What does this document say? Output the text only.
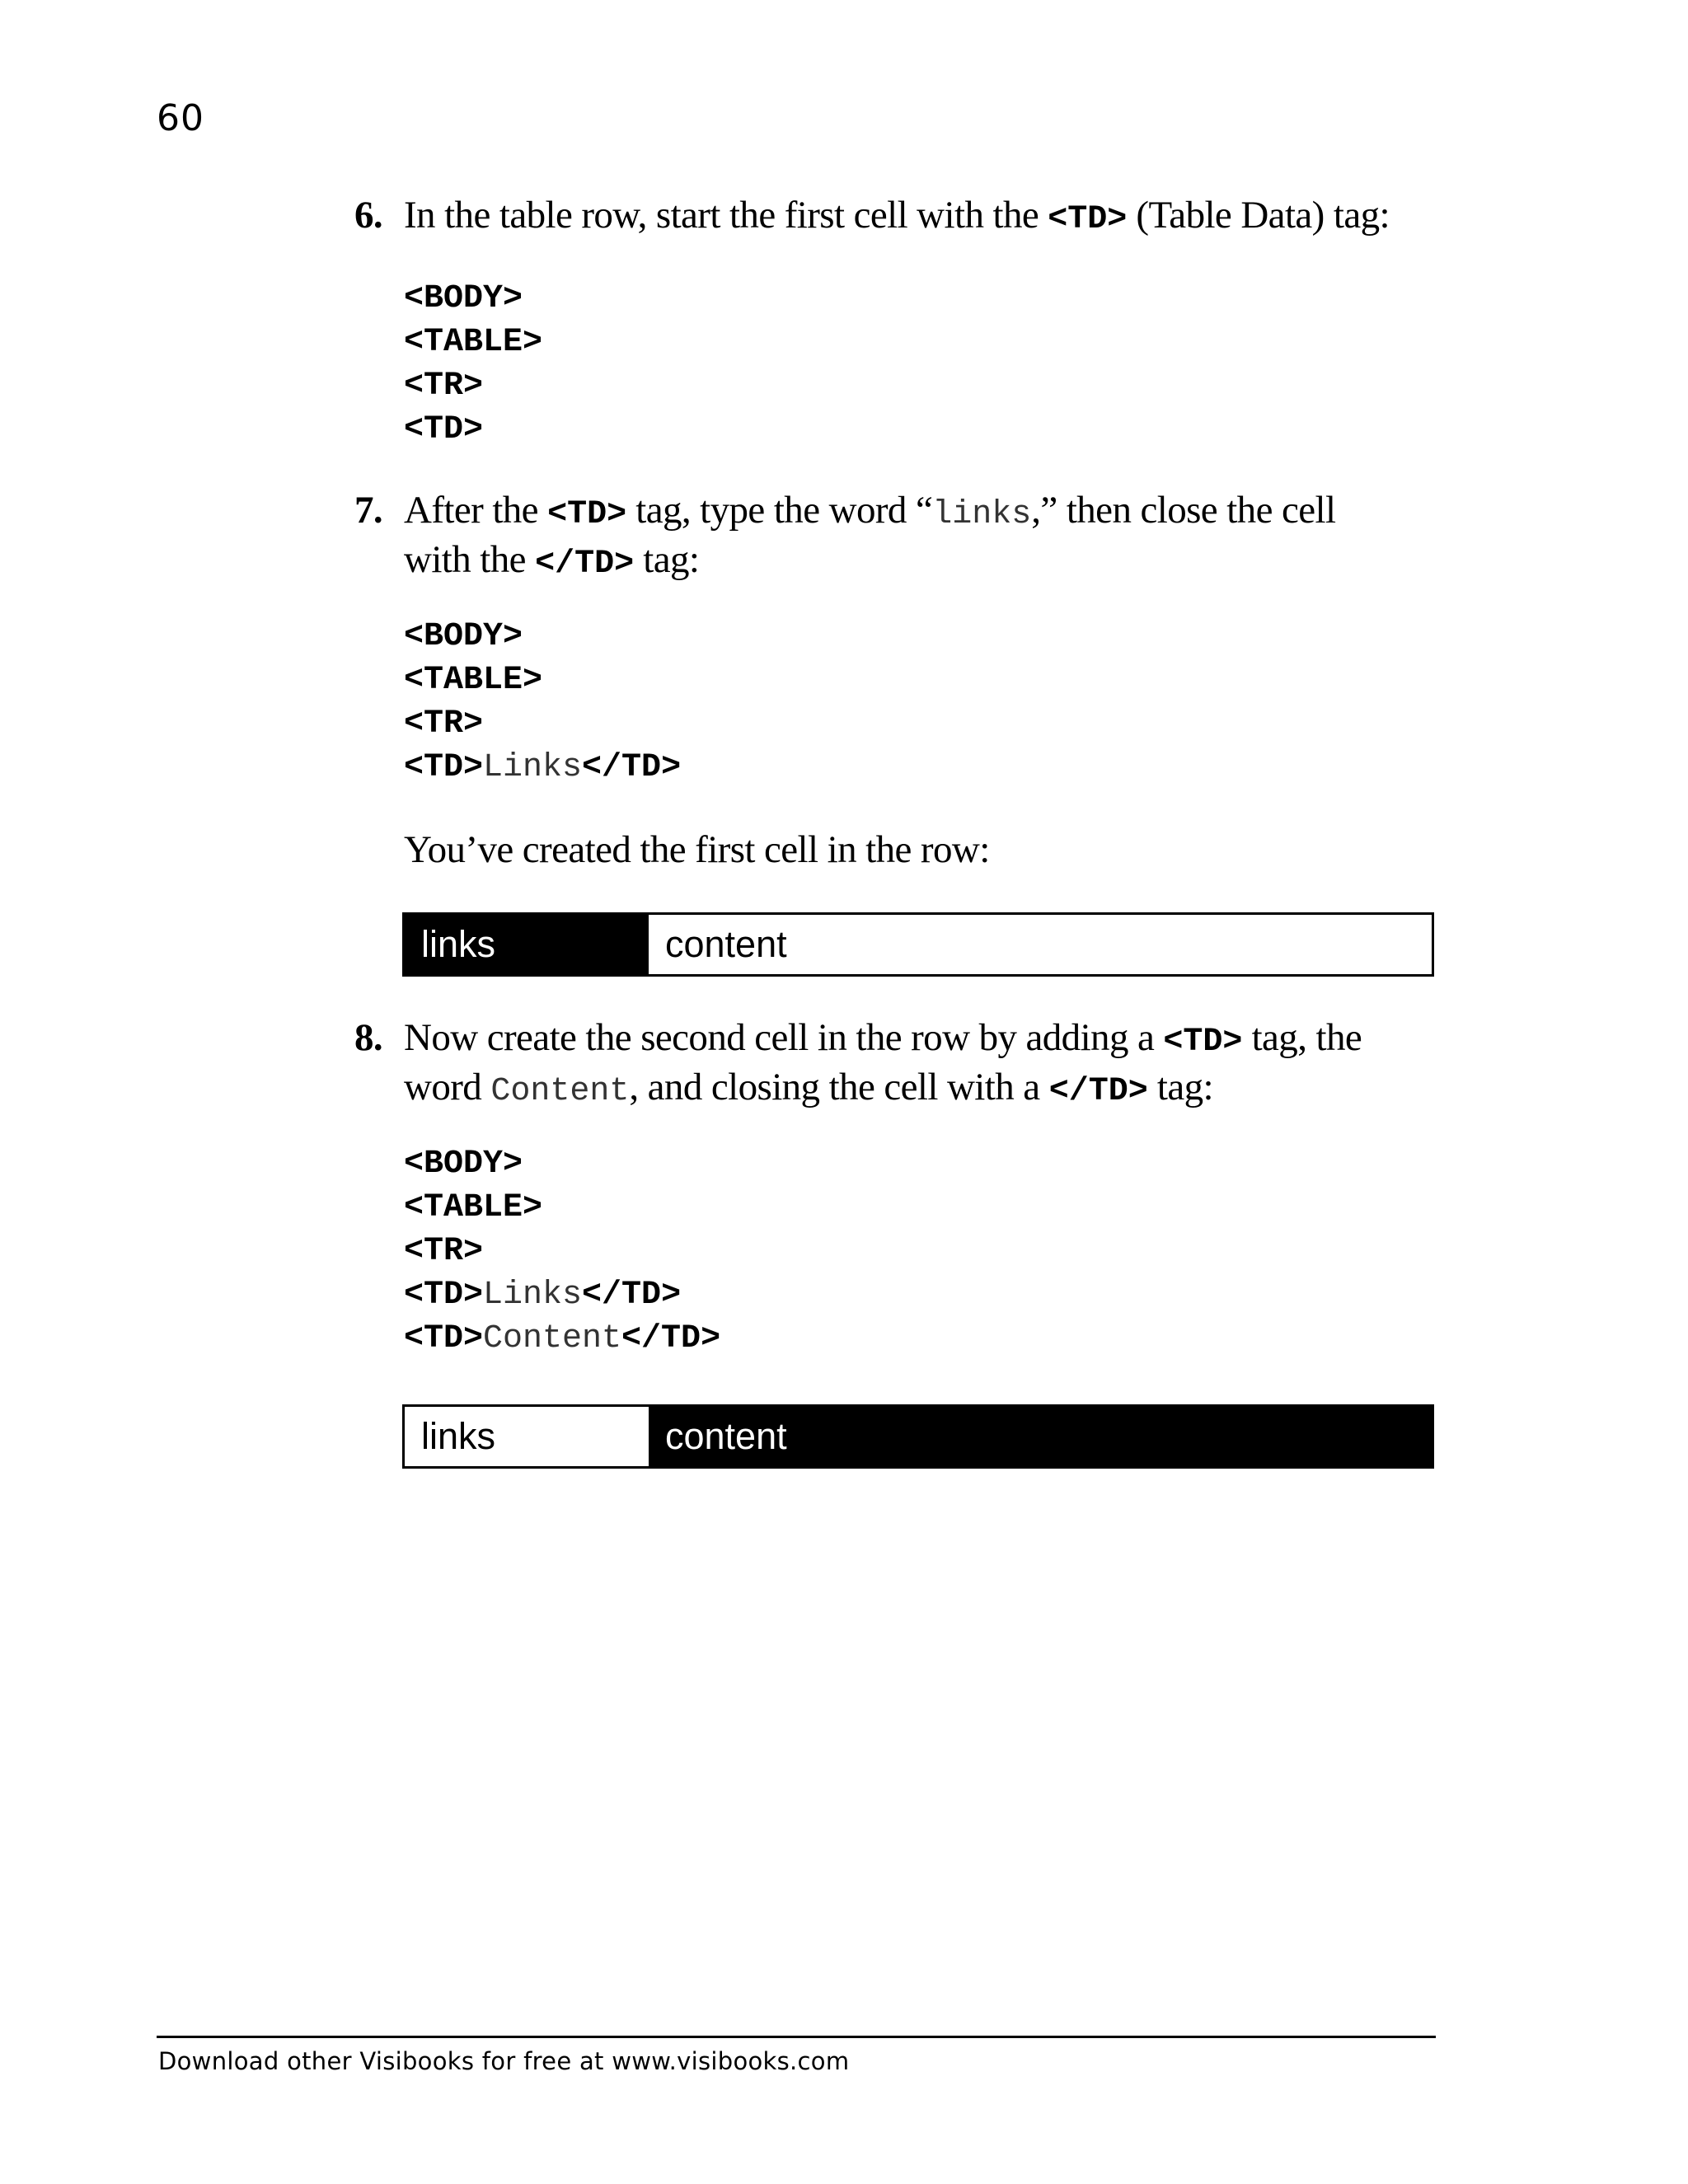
60
6. In the table row, start the first cell with the <TD> (Table Data) tag:
<BODY>
<TABLE>
<TR>
<TD>
7. After the <TD> tag, type the word “links,” then close the cell
with the </TD> tag:
<BODY>
<TABLE>
<TR>
<TD>Links</TD>
You’ve created the first cell in the row:
links	content
8. Now create the second cell in the row by adding a <TD> tag, the
word Content, and closing the cell with a </TD> tag:
<BODY>
<TABLE>
<TR>
<TD>Links</TD>
<TD>Content</TD>
links	content
Download other Visibooks for free at www.visibooks.com
